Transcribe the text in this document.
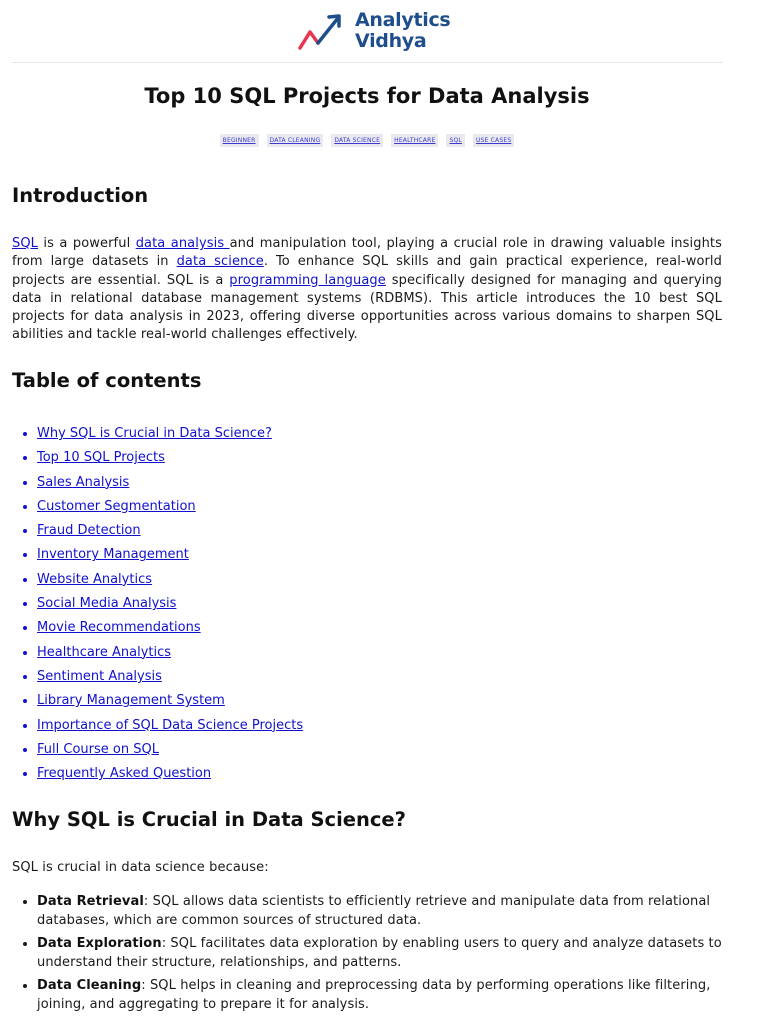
Analytics
Vidhya
Top 10 SQL Projects for Data Analysis
BEGINNER DATA CLEANING DATA SCIENCE HEALTHCARE SQL USE CASES
Introduction

SQL is a powerful data analysis and manipulation tool, playing a crucial role in drawing valuable insights from large datasets in data science. To enhance SQL skills and gain practical experience, real-world projects are essential. SQL is a programming language specifically designed for managing and querying data in relational database management systems (RDBMS). This article introduces the 10 best SQL projects for data analysis in 2023, offering diverse opportunities across various domains to sharpen SQL abilities and tackle real-world challenges effectively.

Table of contents
• Why SQL is Crucial in Data Science?
• Top 10 SQL Projects
• Sales Analysis
• Customer Segmentation
• Fraud Detection
• Inventory Management
• Website Analytics
• Social Media Analysis
• Movie Recommendations
• Healthcare Analytics
• Sentiment Analysis
• Library Management System
• Importance of SQL Data Science Projects
• Full Course on SQL
• Frequently Asked Question
Why SQL is Crucial in Data Science?

SQL is crucial in data science because:

• Data Retrieval: SQL allows data scientists to efficiently retrieve and manipulate data from relational databases, which are common sources of structured data.
• Data Exploration: SQL facilitates data exploration by enabling users to query and analyze datasets to understand their structure, relationships, and patterns.
• Data Cleaning: SQL helps in cleaning and preprocessing data by performing operations like filtering, joining, and aggregating to prepare it for analysis.
